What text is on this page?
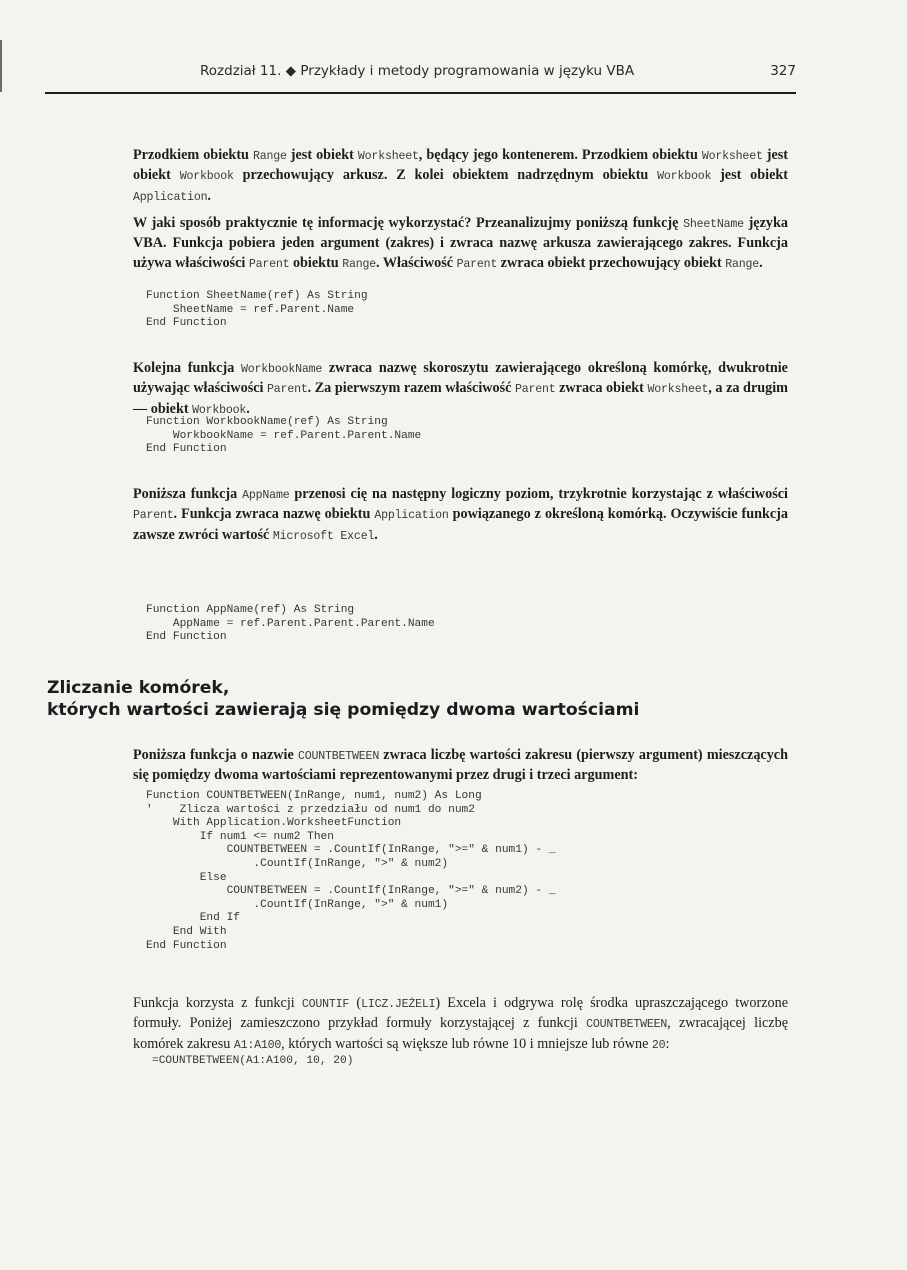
Rozdział 11. ◆ Przykłady i metody programowania w języku VBA	327

Przodkiem obiektu Range jest obiekt Worksheet, będący jego kontenerem. Przodkiem obiektu Worksheet jest obiekt Workbook przechowujący arkusz. Z kolei obiektem nadrzędnym obiektu Workbook jest obiekt Application.

W jaki sposób praktycznie tę informację wykorzystać? Przeanalizujmy poniższą funkcję SheetName języka VBA. Funkcja pobiera jeden argument (zakres) i zwraca nazwę arkusza zawierającego zakres. Funkcja używa właściwości Parent obiektu Range. Właściwość Parent zwraca obiekt przechowujący obiekt Range.

Function SheetName(ref) As String
SheetName = ref.Parent.Name
End Function

Kolejna funkcja WorkbookName zwraca nazwę skoroszytu zawierającego określoną komórkę, dwukrotnie używając właściwości Parent. Za pierwszym razem właściwość Parent zwraca obiekt Worksheet, a za drugim — obiekt Workbook.

Function WorkbookName(ref) As String
WorkbookName = ref.Parent.Parent.Name
End Function

Poniższa funkcja AppName przenosi cię na następny logiczny poziom, trzykrotnie korzystając z właściwości Parent. Funkcja zwraca nazwę obiektu Application powiązanego z określoną komórką. Oczywiście funkcja zawsze zwróci wartość Microsoft Excel.

Function AppName(ref) As String
AppName = ref.Parent.Parent.Parent.Name
End Function
Zliczanie komórek,
których wartości zawierają się pomiędzy dwoma wartościami

Poniższa funkcja o nazwie COUNTBETWEEN zwraca liczbę wartości zakresu (pierwszy argument) mieszczących się pomiędzy dwoma wartościami reprezentowanymi przez drugi i trzeci argument:

Function COUNTBETWEEN(InRange, num1, num2) As Long
'    Zlicza wartości z przedziału od num1 do num2
With Application.WorksheetFunction
If num1 <= num2 Then
COUNTBETWEEN = .CountIf(InRange, ">=" & num1) - _
.CountIf(InRange, ">" & num2)
Else
COUNTBETWEEN = .CountIf(InRange, ">=" & num2) - _
.CountIf(InRange, ">" & num1)
End If
End With
End Function

Funkcja korzysta z funkcji COUNTIF (LICZ.JEŻELI) Excela i odgrywa rolę środka upraszczającego tworzone formuły. Poniżej zamieszczono przykład formuły korzystającej z funkcji COUNTBETWEEN, zwracającej liczbę komórek zakresu A1:A100, których wartości są większe lub równe 10 i mniejsze lub równe 20:

=COUNTBETWEEN(A1:A100, 10, 20)
